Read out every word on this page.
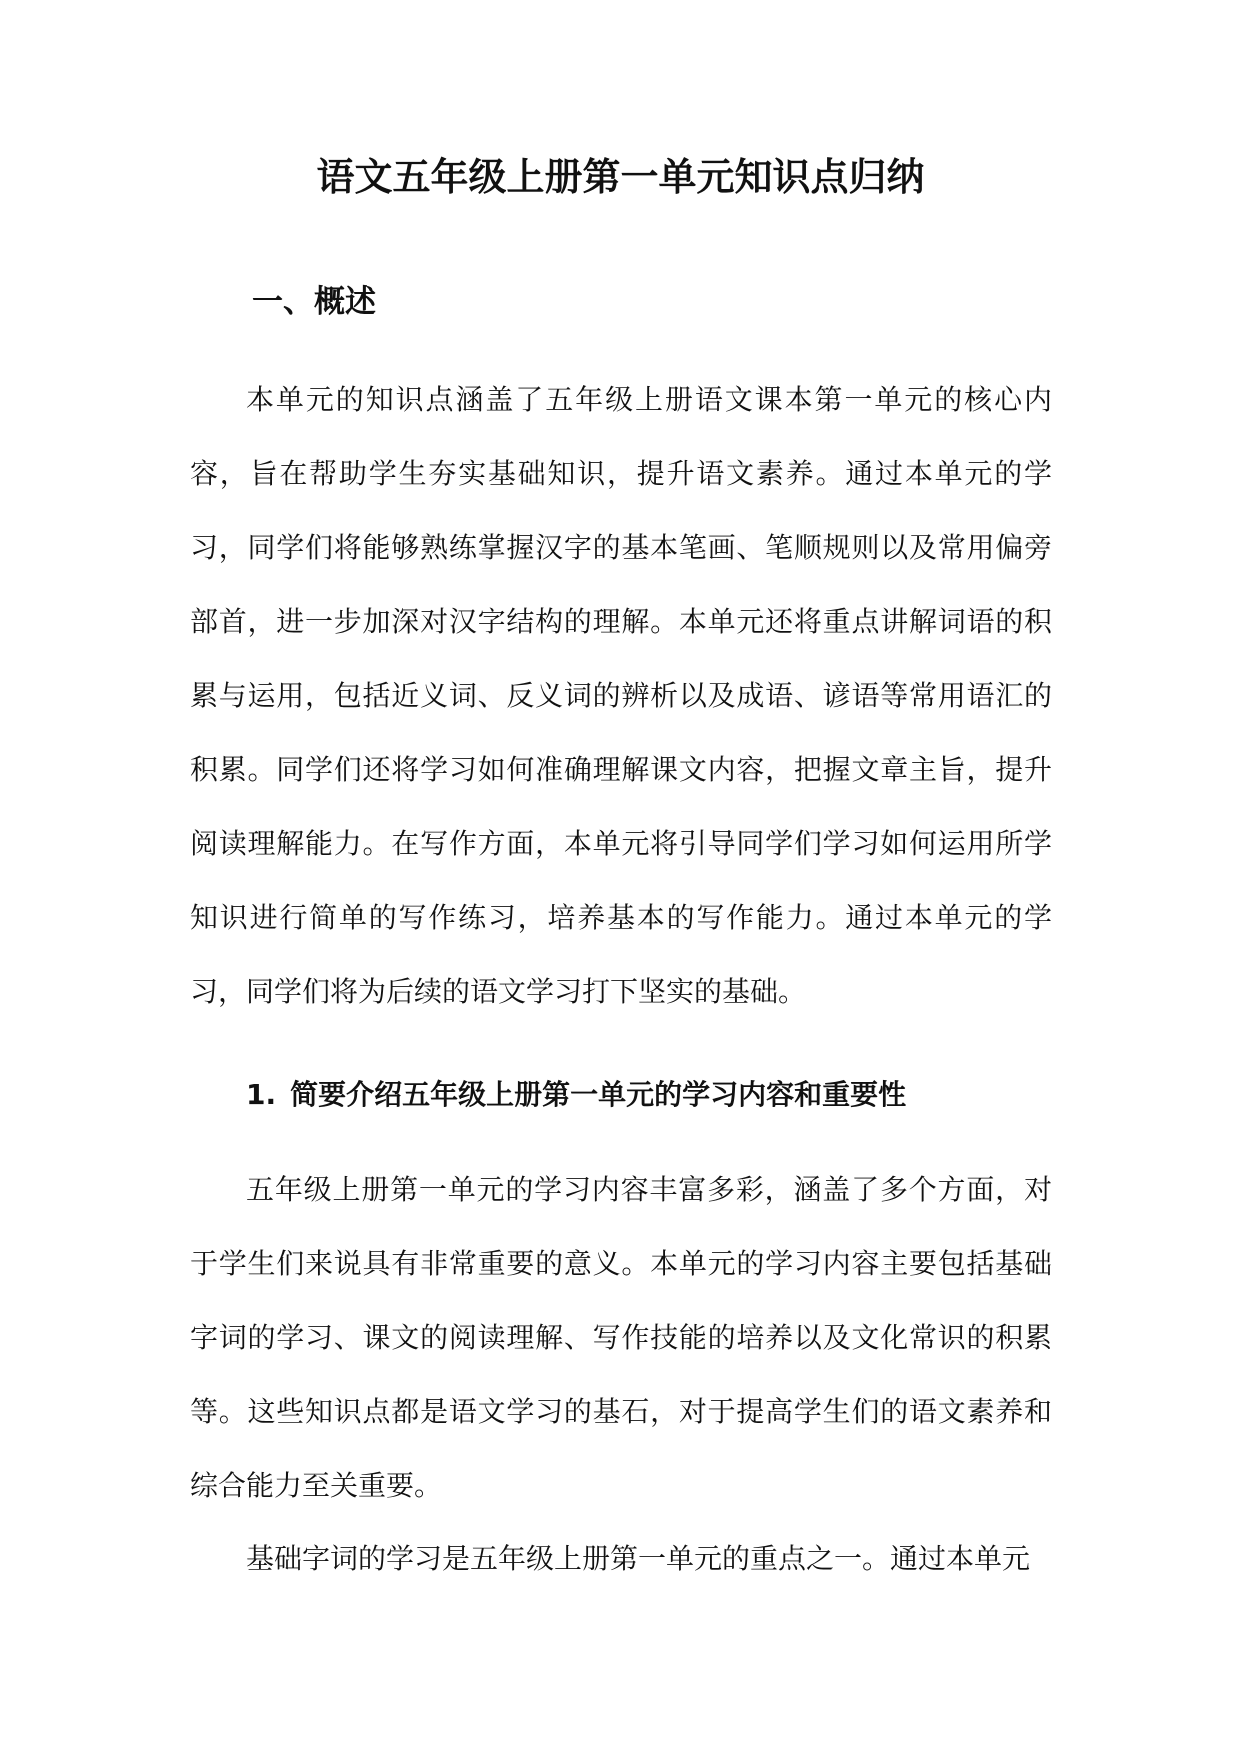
语文五年级上册第一单元知识点归纳
一、概述

本单元的知识点涵盖了五年级上册语文课本第一单元的核心内容，旨在帮助学生夯实基础知识，提升语文素养。通过本单元的学习，同学们将能够熟练掌握汉字的基本笔画、笔顺规则以及常用偏旁部首，进一步加深对汉字结构的理解。本单元还将重点讲解词语的积累与运用，包括近义词、反义词的辨析以及成语、谚语等常用语汇的积累。同学们还将学习如何准确理解课文内容，把握文章主旨，提升阅读理解能力。在写作方面，本单元将引导同学们学习如何运用所学知识进行简单的写作练习，培养基本的写作能力。通过本单元的学习，同学们将为后续的语文学习打下坚实的基础。

1. 简要介绍五年级上册第一单元的学习内容和重要性

五年级上册第一单元的学习内容丰富多彩，涵盖了多个方面，对于学生们来说具有非常重要的意义。本单元的学习内容主要包括基础字词的学习、课文的阅读理解、写作技能的培养以及文化常识的积累等。这些知识点都是语文学习的基石，对于提高学生们的语文素养和综合能力至关重要。

基础字词的学习是五年级上册第一单元的重点之一。通过本单元
